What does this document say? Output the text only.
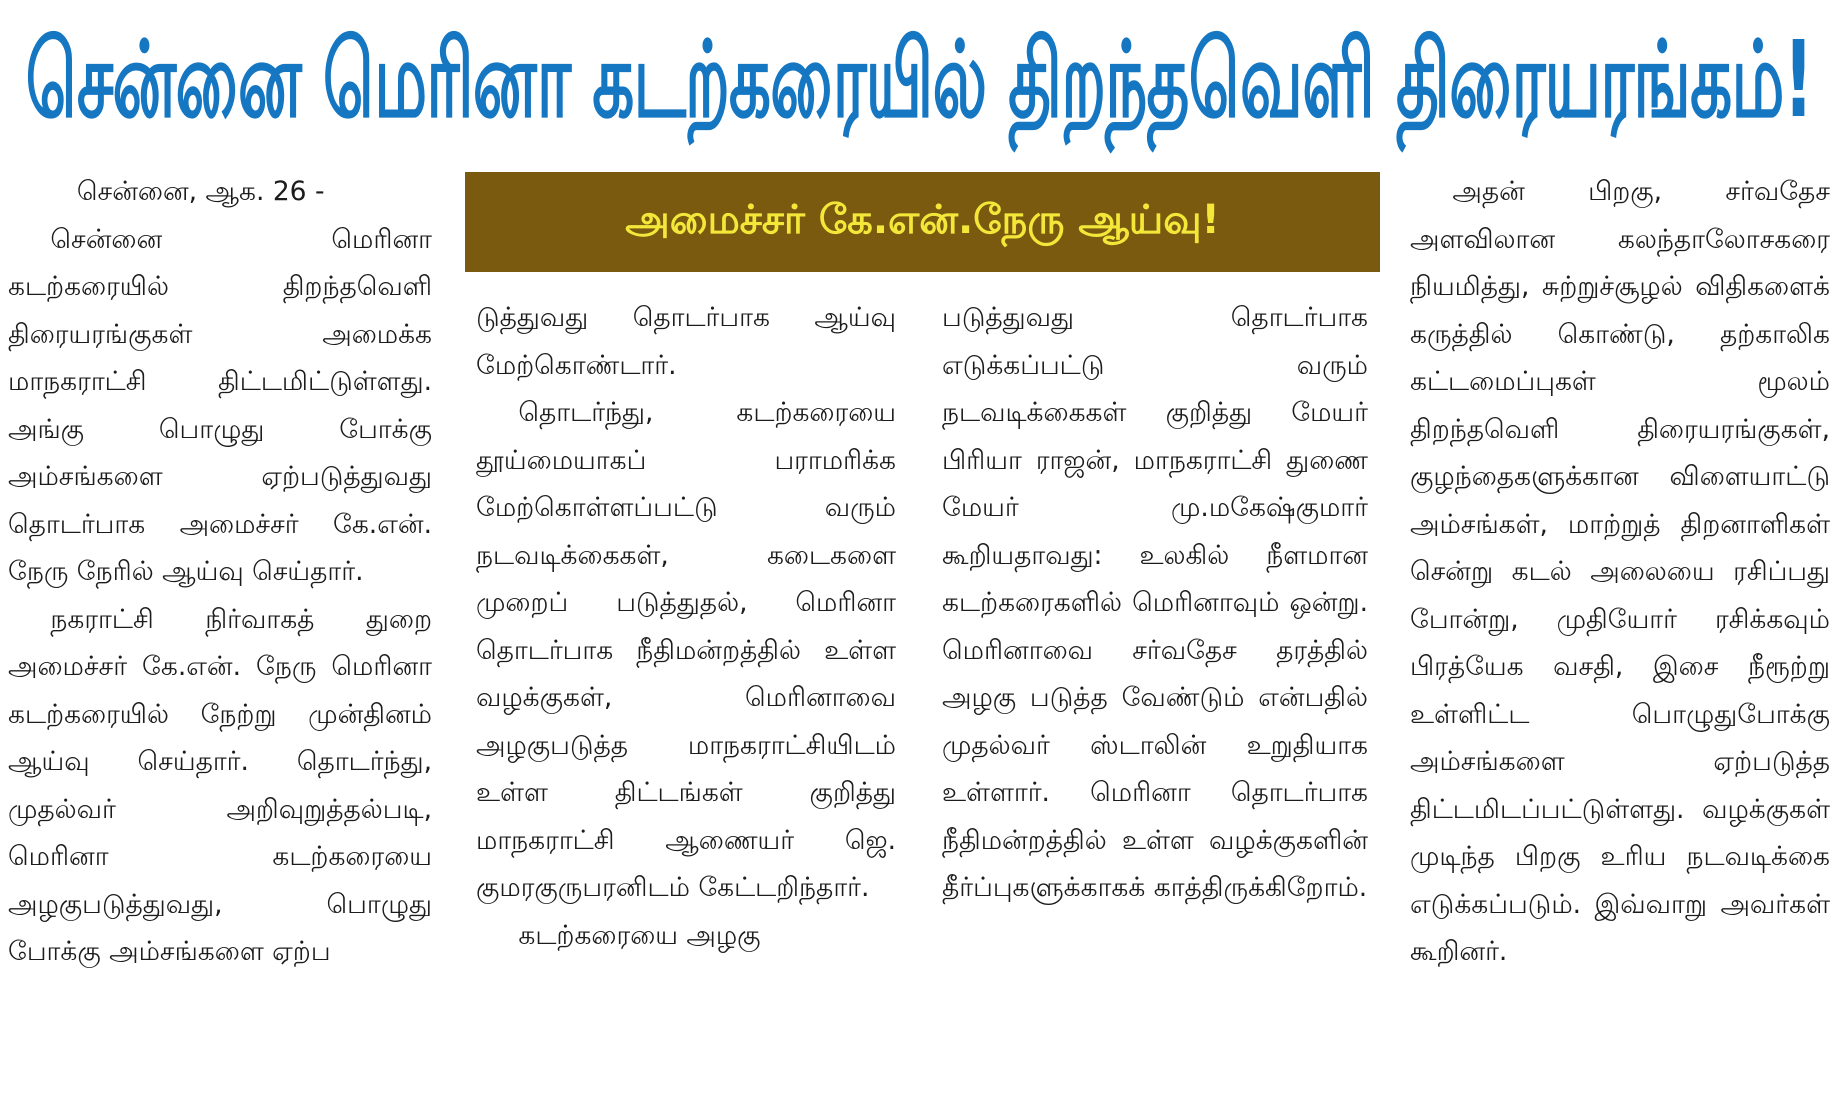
சென்னை மெரினா கடற்கரையில் திறந்தவெளி திரையரங்கம்!
அமைச்சர் கே.என்.நேரு ஆய்வு!

சென்னை, ஆக. 26 -

சென்னை மெரினா கடற்கரையில் திறந்தவெளி திரையரங்குகள் அமைக்க மாநகராட்சி திட்டமிட்டுள்ளது. அங்கு பொழுது போக்கு அம்சங்களை ஏற்படுத்துவது தொடர்பாக அமைச்சர் கே.என். நேரு நேரில் ஆய்வு செய்தார்.

நகராட்சி நிர்வாகத் துறை அமைச்சர் கே.என். நேரு மெரினா கடற்கரையில் நேற்று முன்தினம் ஆய்வு செய்தார். தொடர்ந்து, முதல்வர் அறிவுறுத்தல்படி, மெரினா கடற்கரையை அழகுபடுத்துவது, பொழுது போக்கு அம்சங்களை ஏற்ப

டுத்துவது தொடர்பாக ஆய்வு மேற்கொண்டார்.

தொடர்ந்து, கடற்கரையை தூய்மையாகப் பராமரிக்க மேற்கொள்ளப்பட்டு வரும் நடவடிக்கைகள், கடைகளை முறைப் படுத்துதல், மெரினா தொடர்பாக நீதிமன்றத்தில் உள்ள வழக்குகள், மெரினாவை அழகுபடுத்த மாநகராட்சியிடம் உள்ள திட்டங்கள் குறித்து மாநகராட்சி ஆணையர் ஜெ. குமரகுருபரனிடம் கேட்டறிந்தார்.

கடற்கரையை அழகு

படுத்துவது தொடர்பாக எடுக்கப்பட்டு வரும் நடவடிக்கைகள் குறித்து மேயர் பிரியா ராஜன், மாநகராட்சி துணை மேயர் மு.மகேஷ்குமார் கூறியதாவது: உலகில் நீளமான கடற்கரைகளில் மெரினாவும் ஒன்று. மெரினாவை சர்வதேச தரத்தில் அழகு படுத்த வேண்டும் என்பதில் முதல்வர் ஸ்டாலின் உறுதியாக உள்ளார். மெரினா தொடர்பாக நீதிமன்றத்தில் உள்ள வழக்குகளின் தீர்ப்புகளுக்காகக் காத்திருக்கிறோம்.

அதன் பிறகு, சர்வதேச அளவிலான கலந்தாலோசகரை நியமித்து, சுற்றுச்சூழல் விதிகளைக் கருத்தில் கொண்டு, தற்காலிக கட்டமைப்புகள் மூலம் திறந்தவெளி திரையரங்குகள், குழந்தைகளுக்கான விளையாட்டு அம்சங்கள், மாற்றுத் திறனாளிகள் சென்று கடல் அலையை ரசிப்பது போன்று, முதியோர் ரசிக்கவும் பிரத்யேக வசதி, இசை நீரூற்று உள்ளிட்ட பொழுதுபோக்கு அம்சங்களை ஏற்படுத்த திட்டமிடப்பட்டுள்ளது. வழக்குகள் முடிந்த பிறகு உரிய நடவடிக்கை எடுக்கப்படும். இவ்வாறு அவர்கள் கூறினர்.
